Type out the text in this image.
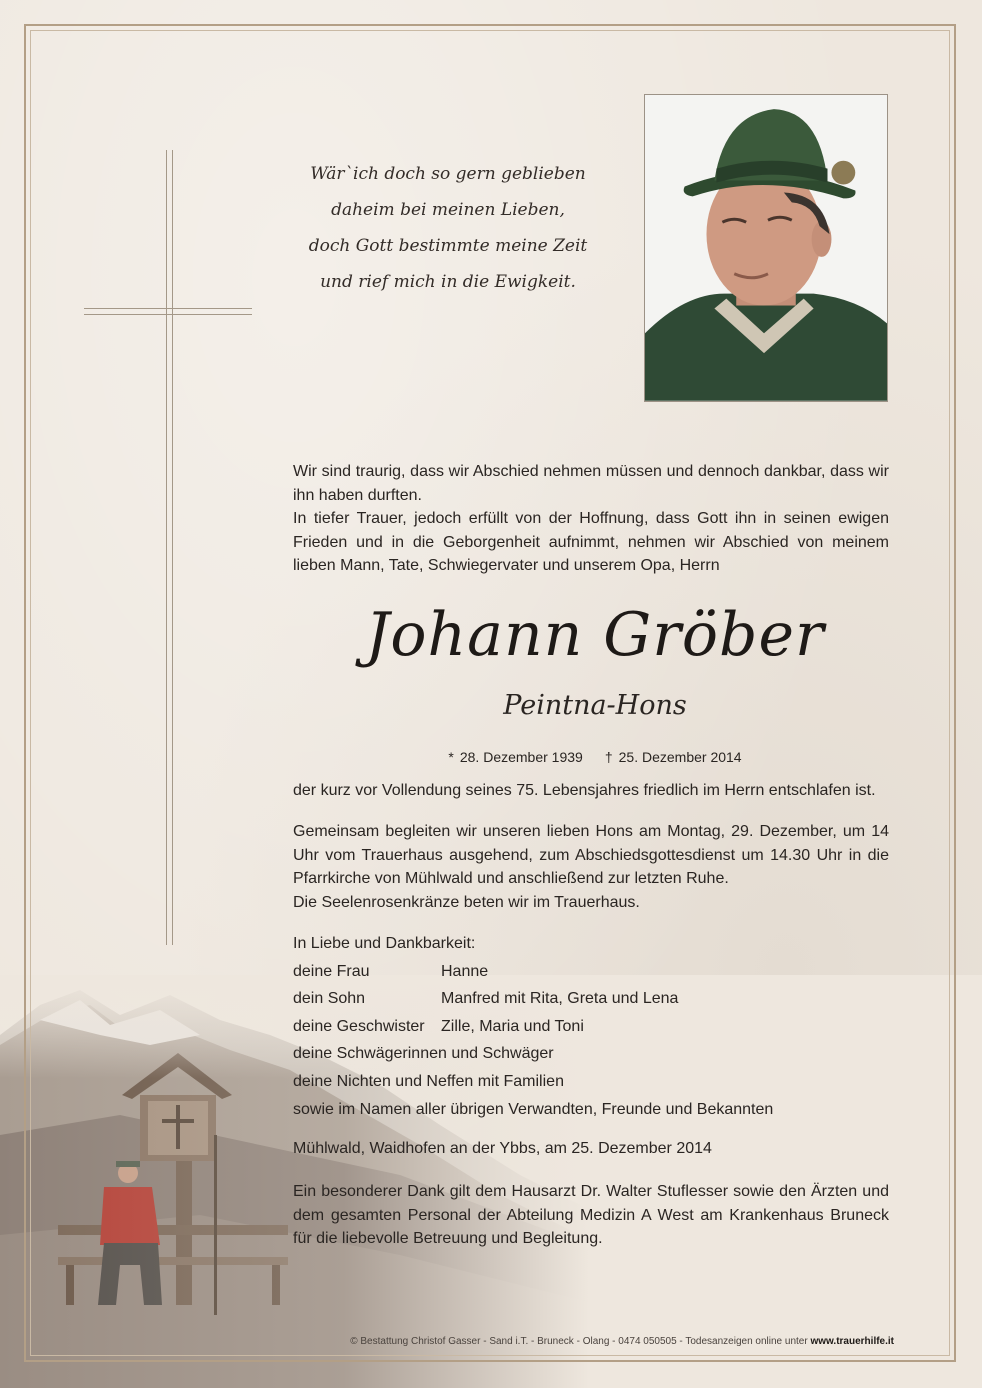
Wär`ich doch so gern geblieben
daheim bei meinen Lieben,
doch Gott bestimmte meine Zeit
und rief mich in die Ewigkeit.

Wir sind traurig, dass wir Abschied nehmen müssen und dennoch dankbar, dass wir ihn haben durften.

In tiefer Trauer, jedoch erfüllt von der Hoffnung, dass Gott ihn in seinen ewigen Frieden und in die Geborgenheit aufnimmt, nehmen wir Abschied von meinem lieben Mann, Tate, Schwiegervater und unserem Opa, Herrn

Johann Gröber
Peintna-Hons
* 28. Dezember 1939 † 25. Dezember 2014

der kurz vor Vollendung seines 75. Lebensjahres friedlich im Herrn entschlafen ist.

Gemeinsam begleiten wir unseren lieben Hons am Montag, 29. Dezember, um 14 Uhr vom Trauerhaus ausgehend, zum Abschiedsgottesdienst um 14.30 Uhr in die Pfarrkirche von Mühlwald und anschließend zur letzten Ruhe.

Die Seelenrosenkränze beten wir im Trauerhaus.

In Liebe und Dankbarkeit:
deine Frau	Hanne
dein Sohn	Manfred mit Rita, Greta und Lena
deine Geschwister	Zille, Maria und Toni
deine Schwägerinnen und Schwäger
deine Nichten und Neffen mit Familien
sowie im Namen aller übrigen Verwandten, Freunde und Bekannten

Mühlwald, Waidhofen an der Ybbs, am 25. Dezember 2014

Ein besonderer Dank gilt dem Hausarzt Dr. Walter Stuflesser sowie den Ärzten und dem gesamten Personal der Abteilung Medizin A West am Krankenhaus Bruneck für die liebevolle Betreuung und Begleitung.

© Bestattung Christof Gasser - Sand i.T. - Bruneck - Olang - 0474 050505 - Todesanzeigen online unter www.trauerhilfe.it
